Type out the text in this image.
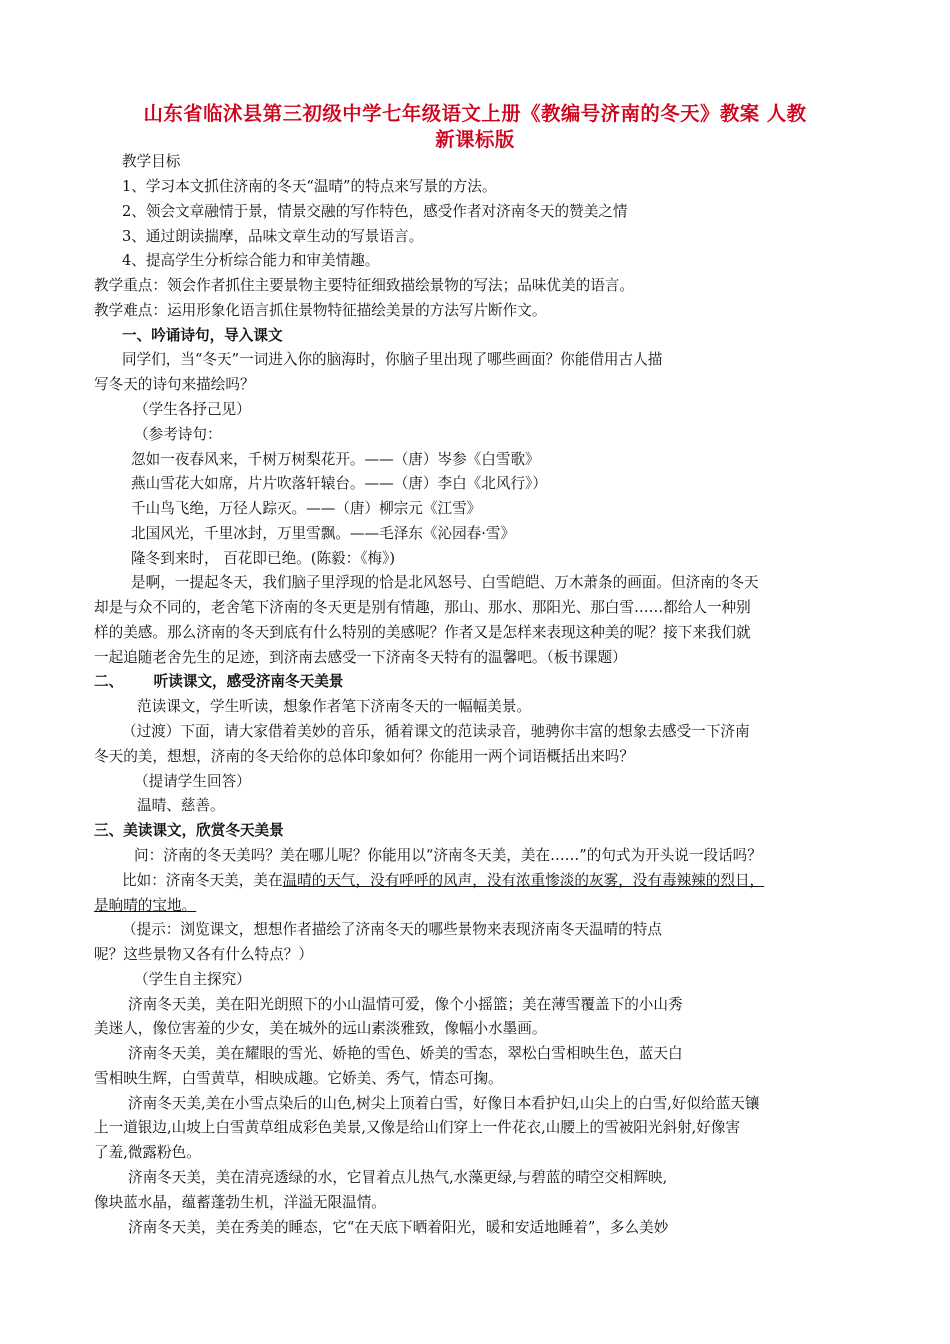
山东省临沭县第三初级中学七年级语文上册《教编号济南的冬天》教案 人教
新课标版
教学目标
1、学习本文抓住济南的冬天“温晴”的特点来写景的方法。
2、领会文章融情于景，情景交融的写作特色，感受作者对济南冬天的赞美之情
3、通过朗读揣摩，品味文章生动的写景语言。
4、提高学生分析综合能力和审美情趣。
教学重点：领会作者抓住主要景物主要特征细致描绘景物的写法；品味优美的语言。
教学难点：运用形象化语言抓住景物特征描绘美景的方法写片断作文。
一、吟诵诗句，导入课文
同学们，当“冬天”一词进入你的脑海时，你脑子里出现了哪些画面？你能借用古人描
写冬天的诗句来描绘吗？
（学生各抒己见）
（参考诗句：
忽如一夜春风来，千树万树梨花开。——（唐）岑参《白雪歌》
燕山雪花大如席，片片吹落轩辕台。——（唐）李白《北风行》）
千山鸟飞绝，万径人踪灭。——（唐）柳宗元《江雪》
北国风光，千里冰封，万里雪飘。——毛泽东《沁园春·雪》
隆冬到来时， 百花即已绝。(陈毅：《梅》)
是啊，一提起冬天，我们脑子里浮现的恰是北风怒号、白雪皑皑、万木萧条的画面。但济南的冬天
却是与众不同的，老舍笔下济南的冬天更是别有情趣，那山、那水、那阳光、那白雪……都给人一种别
样的美感。那么济南的冬天到底有什么特别的美感呢？作者又是怎样来表现这种美的呢？接下来我们就
一起追随老舍先生的足迹，到济南去感受一下济南冬天特有的温馨吧。（板书课题）
二、      听读课文，感受济南冬天美景
范读课文，学生听读，想象作者笔下济南冬天的一幅幅美景。
（过渡）下面，请大家借着美妙的音乐，循着课文的范读录音，驰骋你丰富的想象去感受一下济南
冬天的美，想想，济南的冬天给你的总体印象如何？你能用一两个词语概括出来吗？
（提请学生回答）
温晴、慈善。
三、美读课文，欣赏冬天美景
问：济南的冬天美吗？美在哪儿呢？你能用以“济南冬天美，美在……”的句式为开头说一段话吗？
比如：济南冬天美，美在温晴的天气，没有呼呼的风声，没有浓重惨淡的灰雾，没有毒辣辣的烈日，
是晌晴的宝地。
（提示：浏览课文，想想作者描绘了济南冬天的哪些景物来表现济南冬天温晴的特点
呢？这些景物又各有什么特点？）
（学生自主探究）
济南冬天美，美在阳光朗照下的小山温情可爱，像个小摇篮；美在薄雪覆盖下的小山秀
美迷人，像位害羞的少女，美在城外的远山素淡雅致，像幅小水墨画。
济南冬天美，美在耀眼的雪光、娇艳的雪色、娇美的雪态，翠松白雪相映生色，蓝天白
雪相映生辉，白雪黄草，相映成趣。它娇美、秀气，情态可掬。
济南冬天美,美在小雪点染后的山色,树尖上顶着白雪，好像日本看护妇,山尖上的白雪,好似给蓝天镶
上一道银边,山坡上白雪黄草组成彩色美景,又像是给山们穿上一件花衣,山腰上的雪被阳光斜射,好像害
了羞,微露粉色。
济南冬天美，美在清亮透绿的水，它冒着点儿热气,水藻更绿,与碧蓝的晴空交相辉映,
像块蓝水晶，蕴蓄蓬勃生机，洋溢无限温情。
济南冬天美，美在秀美的睡态，它“在天底下晒着阳光，暖和安适地睡着”，多么美妙
